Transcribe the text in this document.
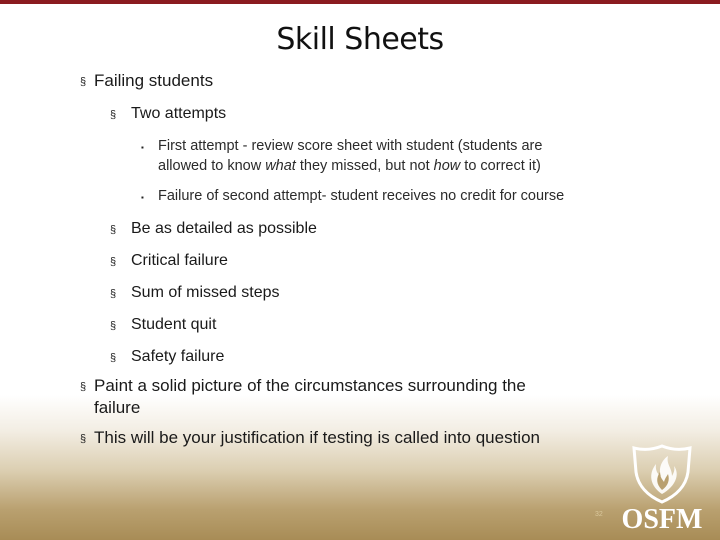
Skill Sheets
§ Failing students
§ Two attempts
▪ First attempt - review score sheet with student (students are
allowed to know what they missed, but not how to correct it)
▪ Failure of second attempt- student receives no credit for course
§ Be as detailed as possible
§ Critical failure
§ Sum of missed steps
§ Student quit
§ Safety failure
§ Paint a solid picture of the circumstances surrounding the
failure
§ This will be your justification if testing is called into question
32 OSFM
